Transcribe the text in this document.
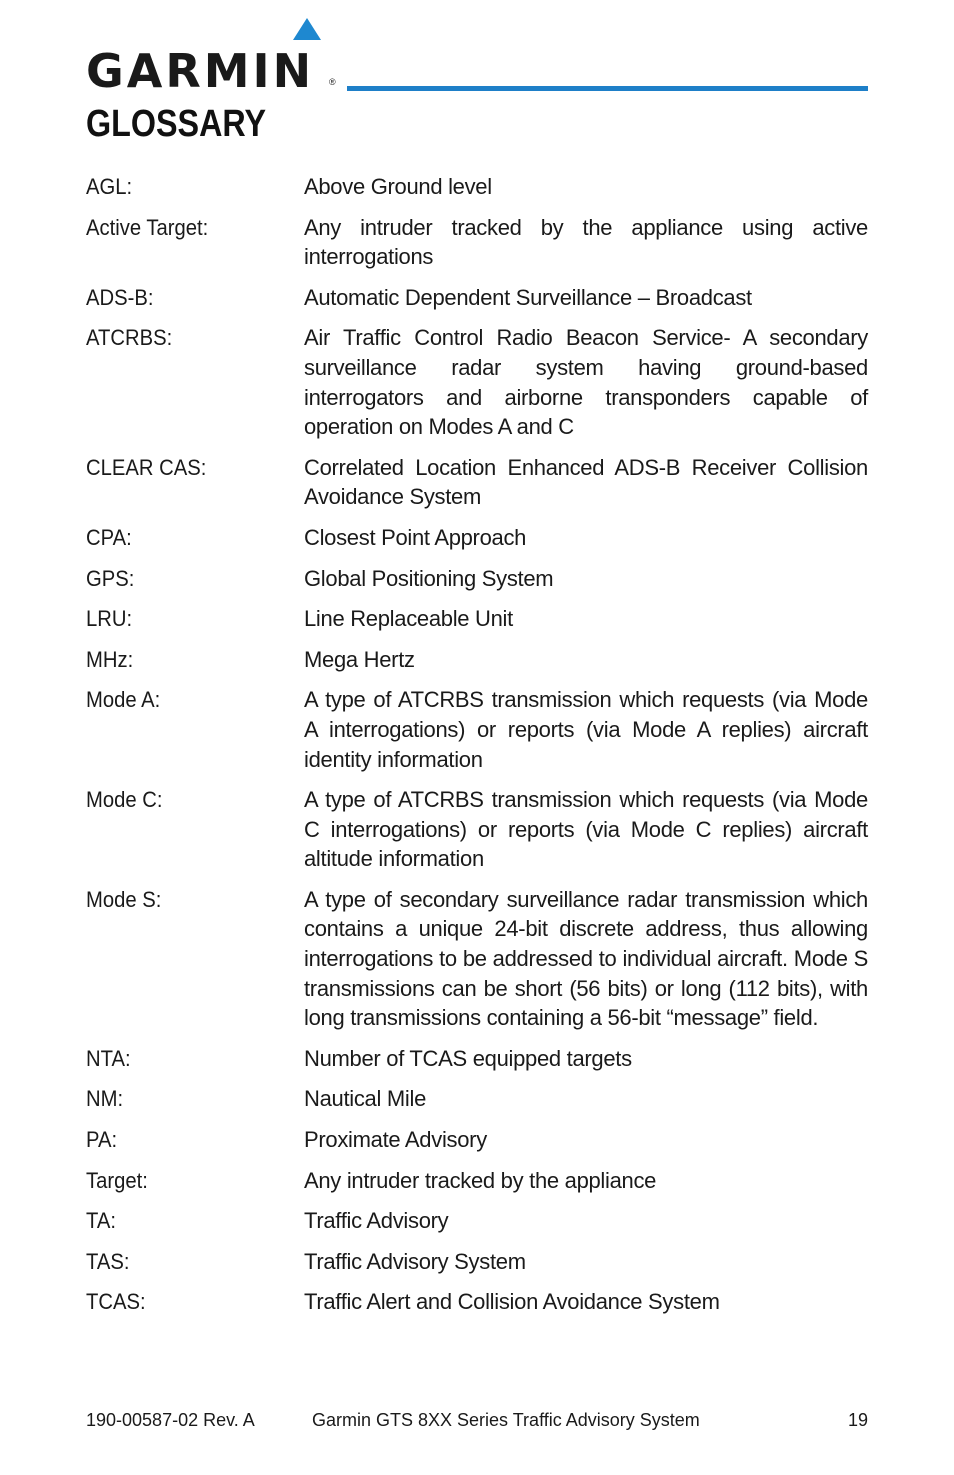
GARMIN ®
GLOSSARY
AGL:	Above Ground level
Active Target:	Any intruder tracked by the appliance using active interrogations
ADS-B:	Automatic Dependent Surveillance – Broadcast
ATCRBS:	Air Traffic Control Radio Beacon Service- A secondary surveillance radar system having ground-based interrogators and airborne transponders capable of operation on Modes A and C
CLEAR CAS:	Correlated Location Enhanced ADS-B Receiver Collision Avoidance System
CPA:	Closest Point Approach
GPS:	Global Positioning System
LRU:	Line Replaceable Unit
MHz:	Mega Hertz
Mode A:	A type of ATCRBS transmission which requests (via Mode A interrogations) or reports (via Mode A replies) aircraft identity information
Mode C:	A type of ATCRBS transmission which requests (via Mode C interrogations) or reports (via Mode C replies) aircraft altitude information
Mode S:	A type of secondary surveillance radar transmission which contains a unique 24-bit discrete address, thus allowing interrogations to be addressed to individual aircraft. Mode S transmissions can be short (56 bits) or long (112 bits), with long transmissions containing a 56-bit “message” field.
NTA:	Number of TCAS equipped targets
NM:	Nautical Mile
PA:	Proximate Advisory
Target:	Any intruder tracked by the appliance
TA:	Traffic Advisory
TAS:	Traffic Advisory System
TCAS:	Traffic Alert and Collision Avoidance System
190-00587-02 Rev. A	Garmin GTS 8XX Series Traffic Advisory System	19
